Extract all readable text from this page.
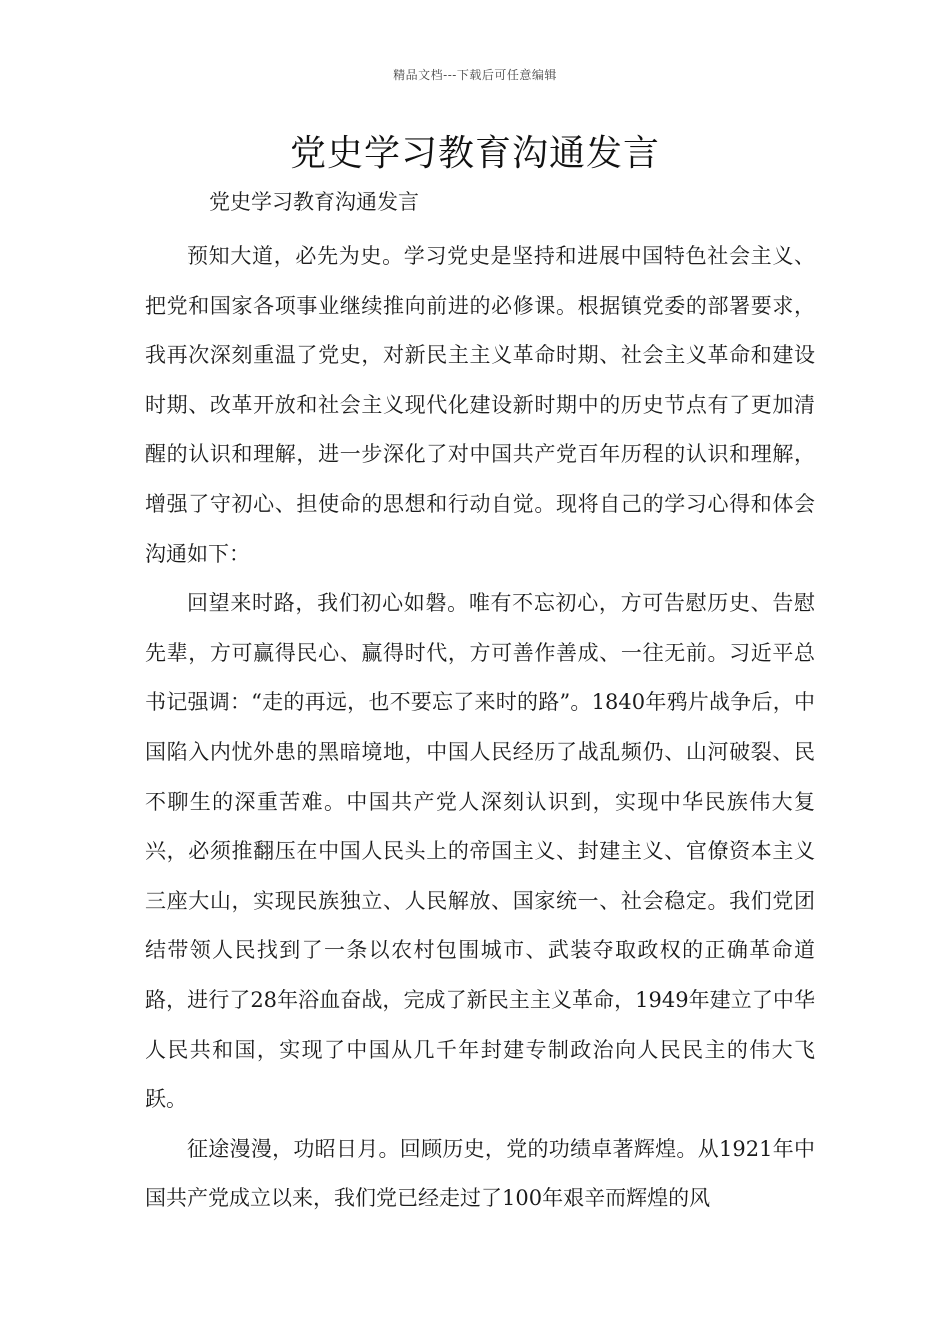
精品文档---下载后可任意编辑
党史学习教育沟通发言

党史学习教育沟通发言

预知大道，必先为史。学习党史是坚持和进展中国特色社会主义、把党和国家各项事业继续推向前进的必修课。根据镇党委的部署要求，我再次深刻重温了党史，对新民主主义革命时期、社会主义革命和建设时期、改革开放和社会主义现代化建设新时期中的历史节点有了更加清醒的认识和理解，进一步深化了对中国共产党百年历程的认识和理解，增强了守初心、担使命的思想和行动自觉。现将自己的学习心得和体会沟通如下：

回望来时路，我们初心如磐。唯有不忘初心，方可告慰历史、告慰先辈，方可赢得民心、赢得时代，方可善作善成、一往无前。习近平总书记强调：“走的再远，也不要忘了来时的路”。1840年鸦片战争后，中国陷入内忧外患的黑暗境地，中国人民经历了战乱频仍、山河破裂、民不聊生的深重苦难。中国共产党人深刻认识到，实现中华民族伟大复兴，必须推翻压在中国人民头上的帝国主义、封建主义、官僚资本主义三座大山，实现民族独立、人民解放、国家统一、社会稳定。我们党团结带领人民找到了一条以农村包围城市、武装夺取政权的正确革命道路，进行了28年浴血奋战，完成了新民主主义革命，1949年建立了中华人民共和国，实现了中国从几千年封建专制政治向人民民主的伟大飞跃。

征途漫漫，功昭日月。回顾历史，党的功绩卓著辉煌。从1921年中国共产党成立以来，我们党已经走过了100年艰辛而辉煌的风
